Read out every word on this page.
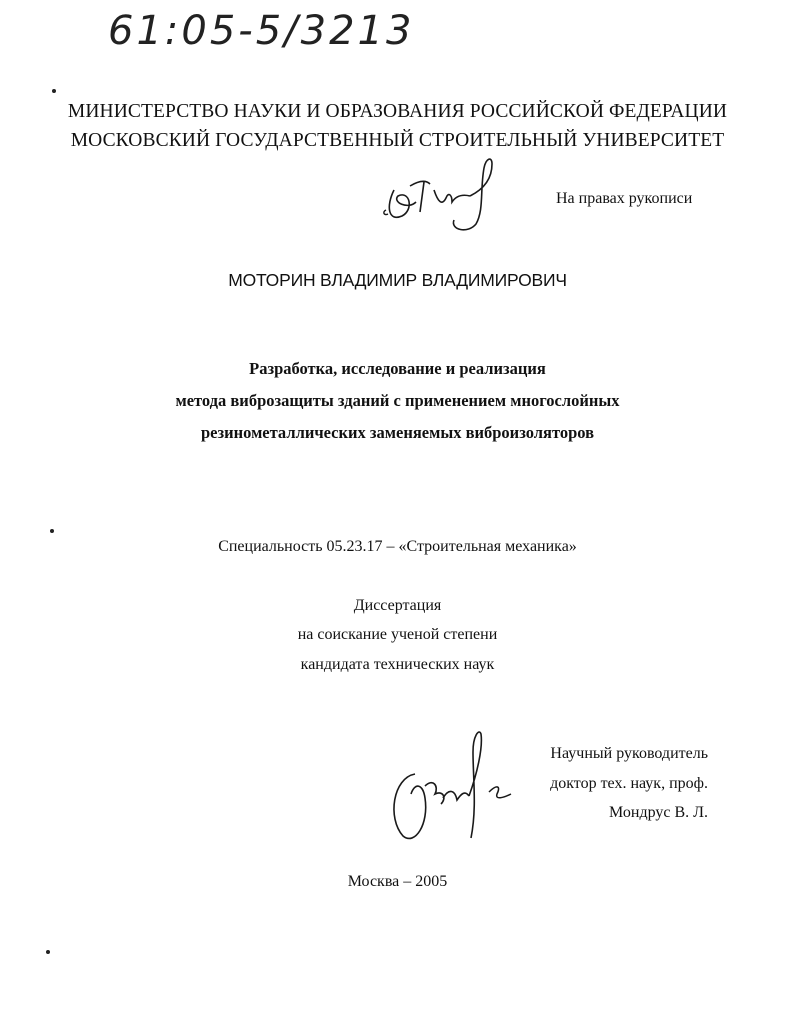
61:05-5/3213
МИНИСТЕРСТВО НАУКИ И ОБРАЗОВАНИЯ РОССИЙСКОЙ ФЕДЕРАЦИИ
МОСКОВСКИЙ ГОСУДАРСТВЕННЫЙ СТРОИТЕЛЬНЫЙ УНИВЕРСИТЕТ
На правах рукописи
МОТОРИН ВЛАДИМИР ВЛАДИМИРОВИЧ
Разработка, исследование и реализация
метода виброзащиты зданий с применением многослойных
резинометаллических заменяемых виброизоляторов
Специальность 05.23.17 – «Строительная механика»
Диссертация
на соискание ученой степени
кандидата технических наук
Научный руководитель
доктор тех. наук, проф.
Мондрус В. Л.
Москва – 2005
